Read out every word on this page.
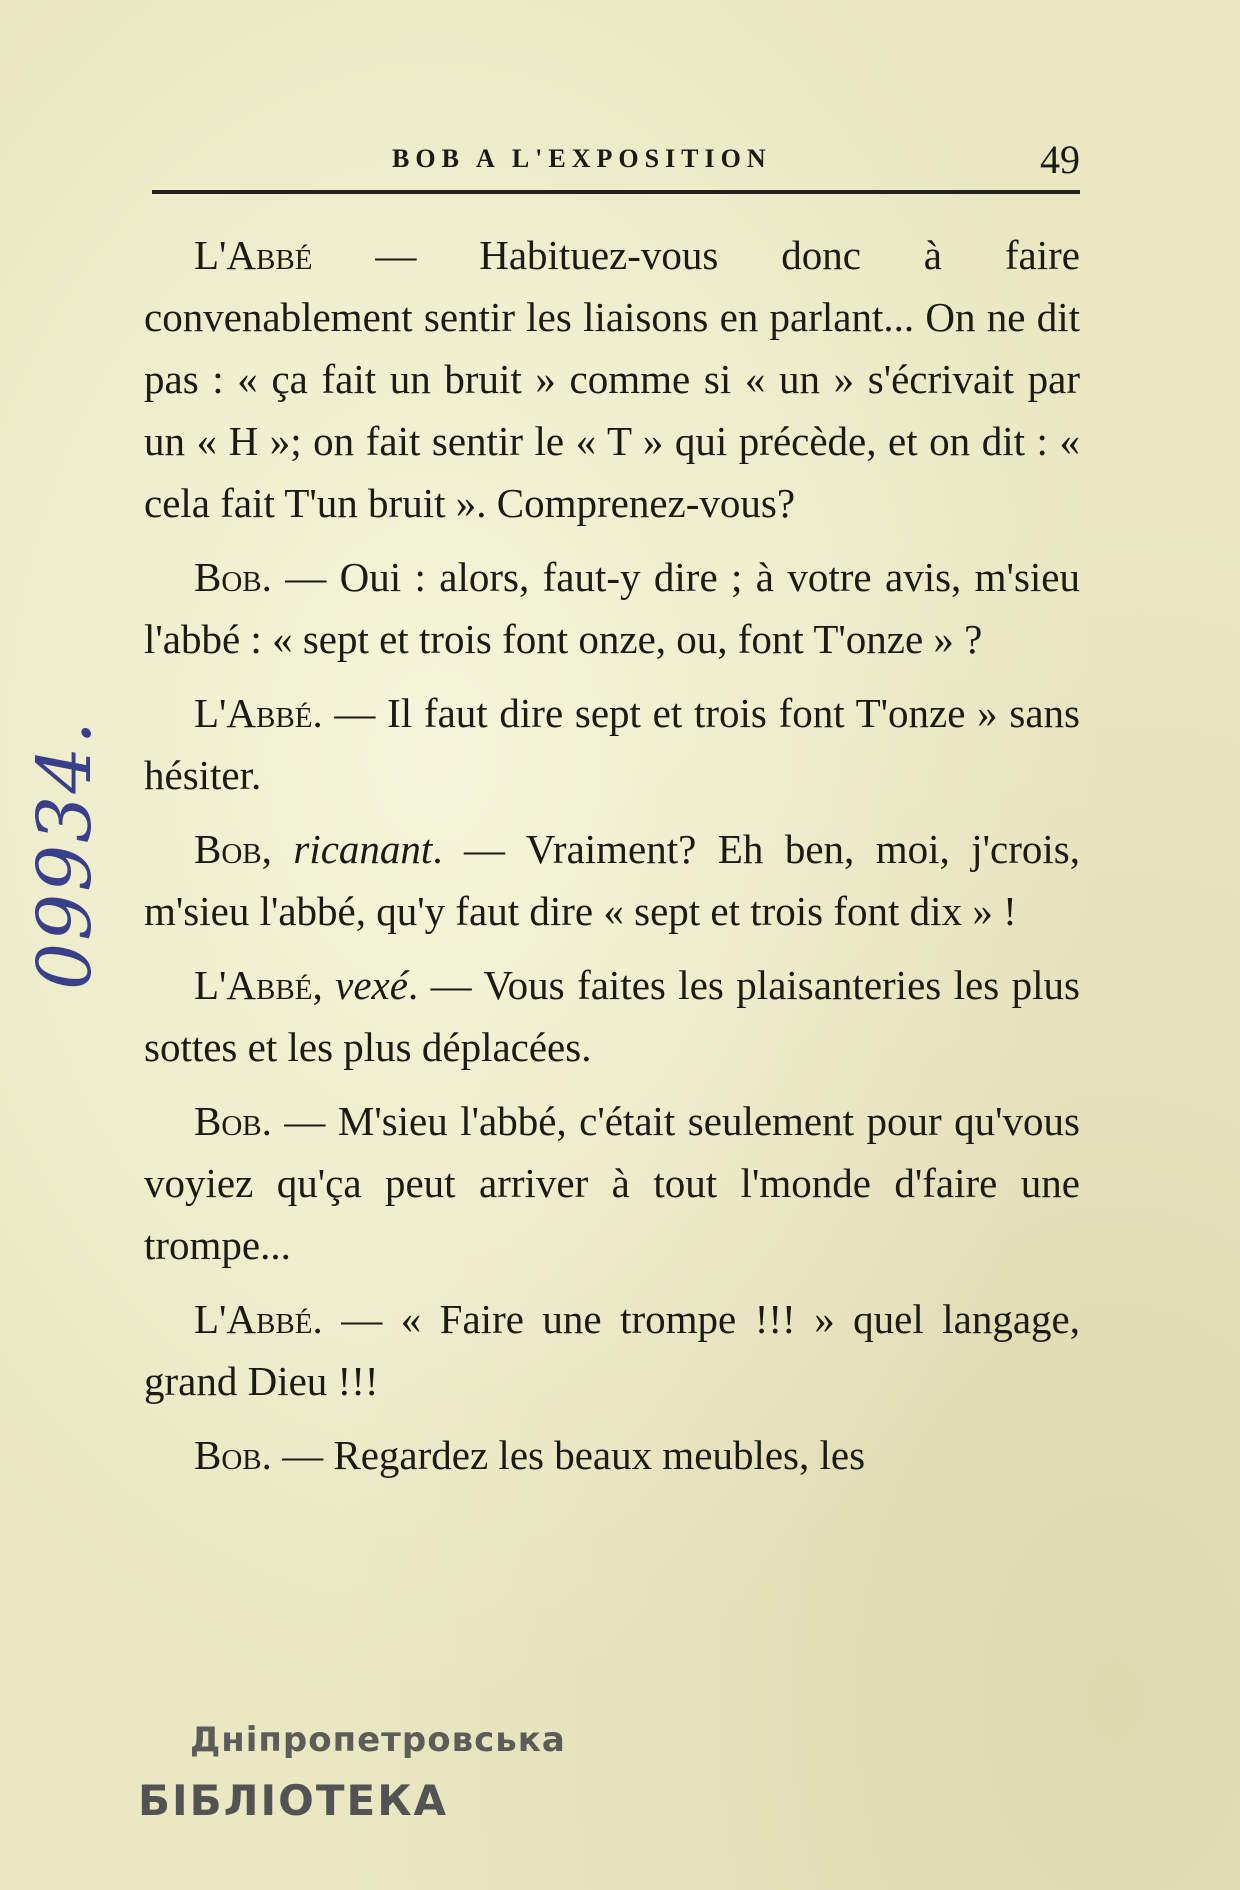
BOB A L'EXPOSITION	49

L'Abbé — Habituez-vous donc à faire convenablement sentir les liaisons en parlant... On ne dit pas : « ça fait un bruit » comme si « un » s'écrivait par un « H »; on fait sentir le « T » qui précède, et on dit : « cela fait T'un bruit ». Comprenez-vous?

Bob. — Oui : alors, faut-y dire ; à votre avis, m'sieu l'abbé : « sept et trois font onze, ou, font T'onze » ?

L'Abbé. — Il faut dire sept et trois font T'onze » sans hésiter.

Bob, ricanant. — Vraiment? Eh ben, moi, j'crois, m'sieu l'abbé, qu'y faut dire « sept et trois font dix » !

L'Abbé, vexé. — Vous faites les plaisanteries les plus sottes et les plus déplacées.

Bob. — M'sieu l'abbé, c'était seulement pour qu'vous voyiez qu'ça peut arriver à tout l'monde d'faire une trompe...

L'Abbé. — « Faire une trompe !!! » quel langage, grand Dieu !!!

Bob. — Regardez les beaux meubles, les

09934.
Дніпропетровська
БІБЛІОТЕКА
